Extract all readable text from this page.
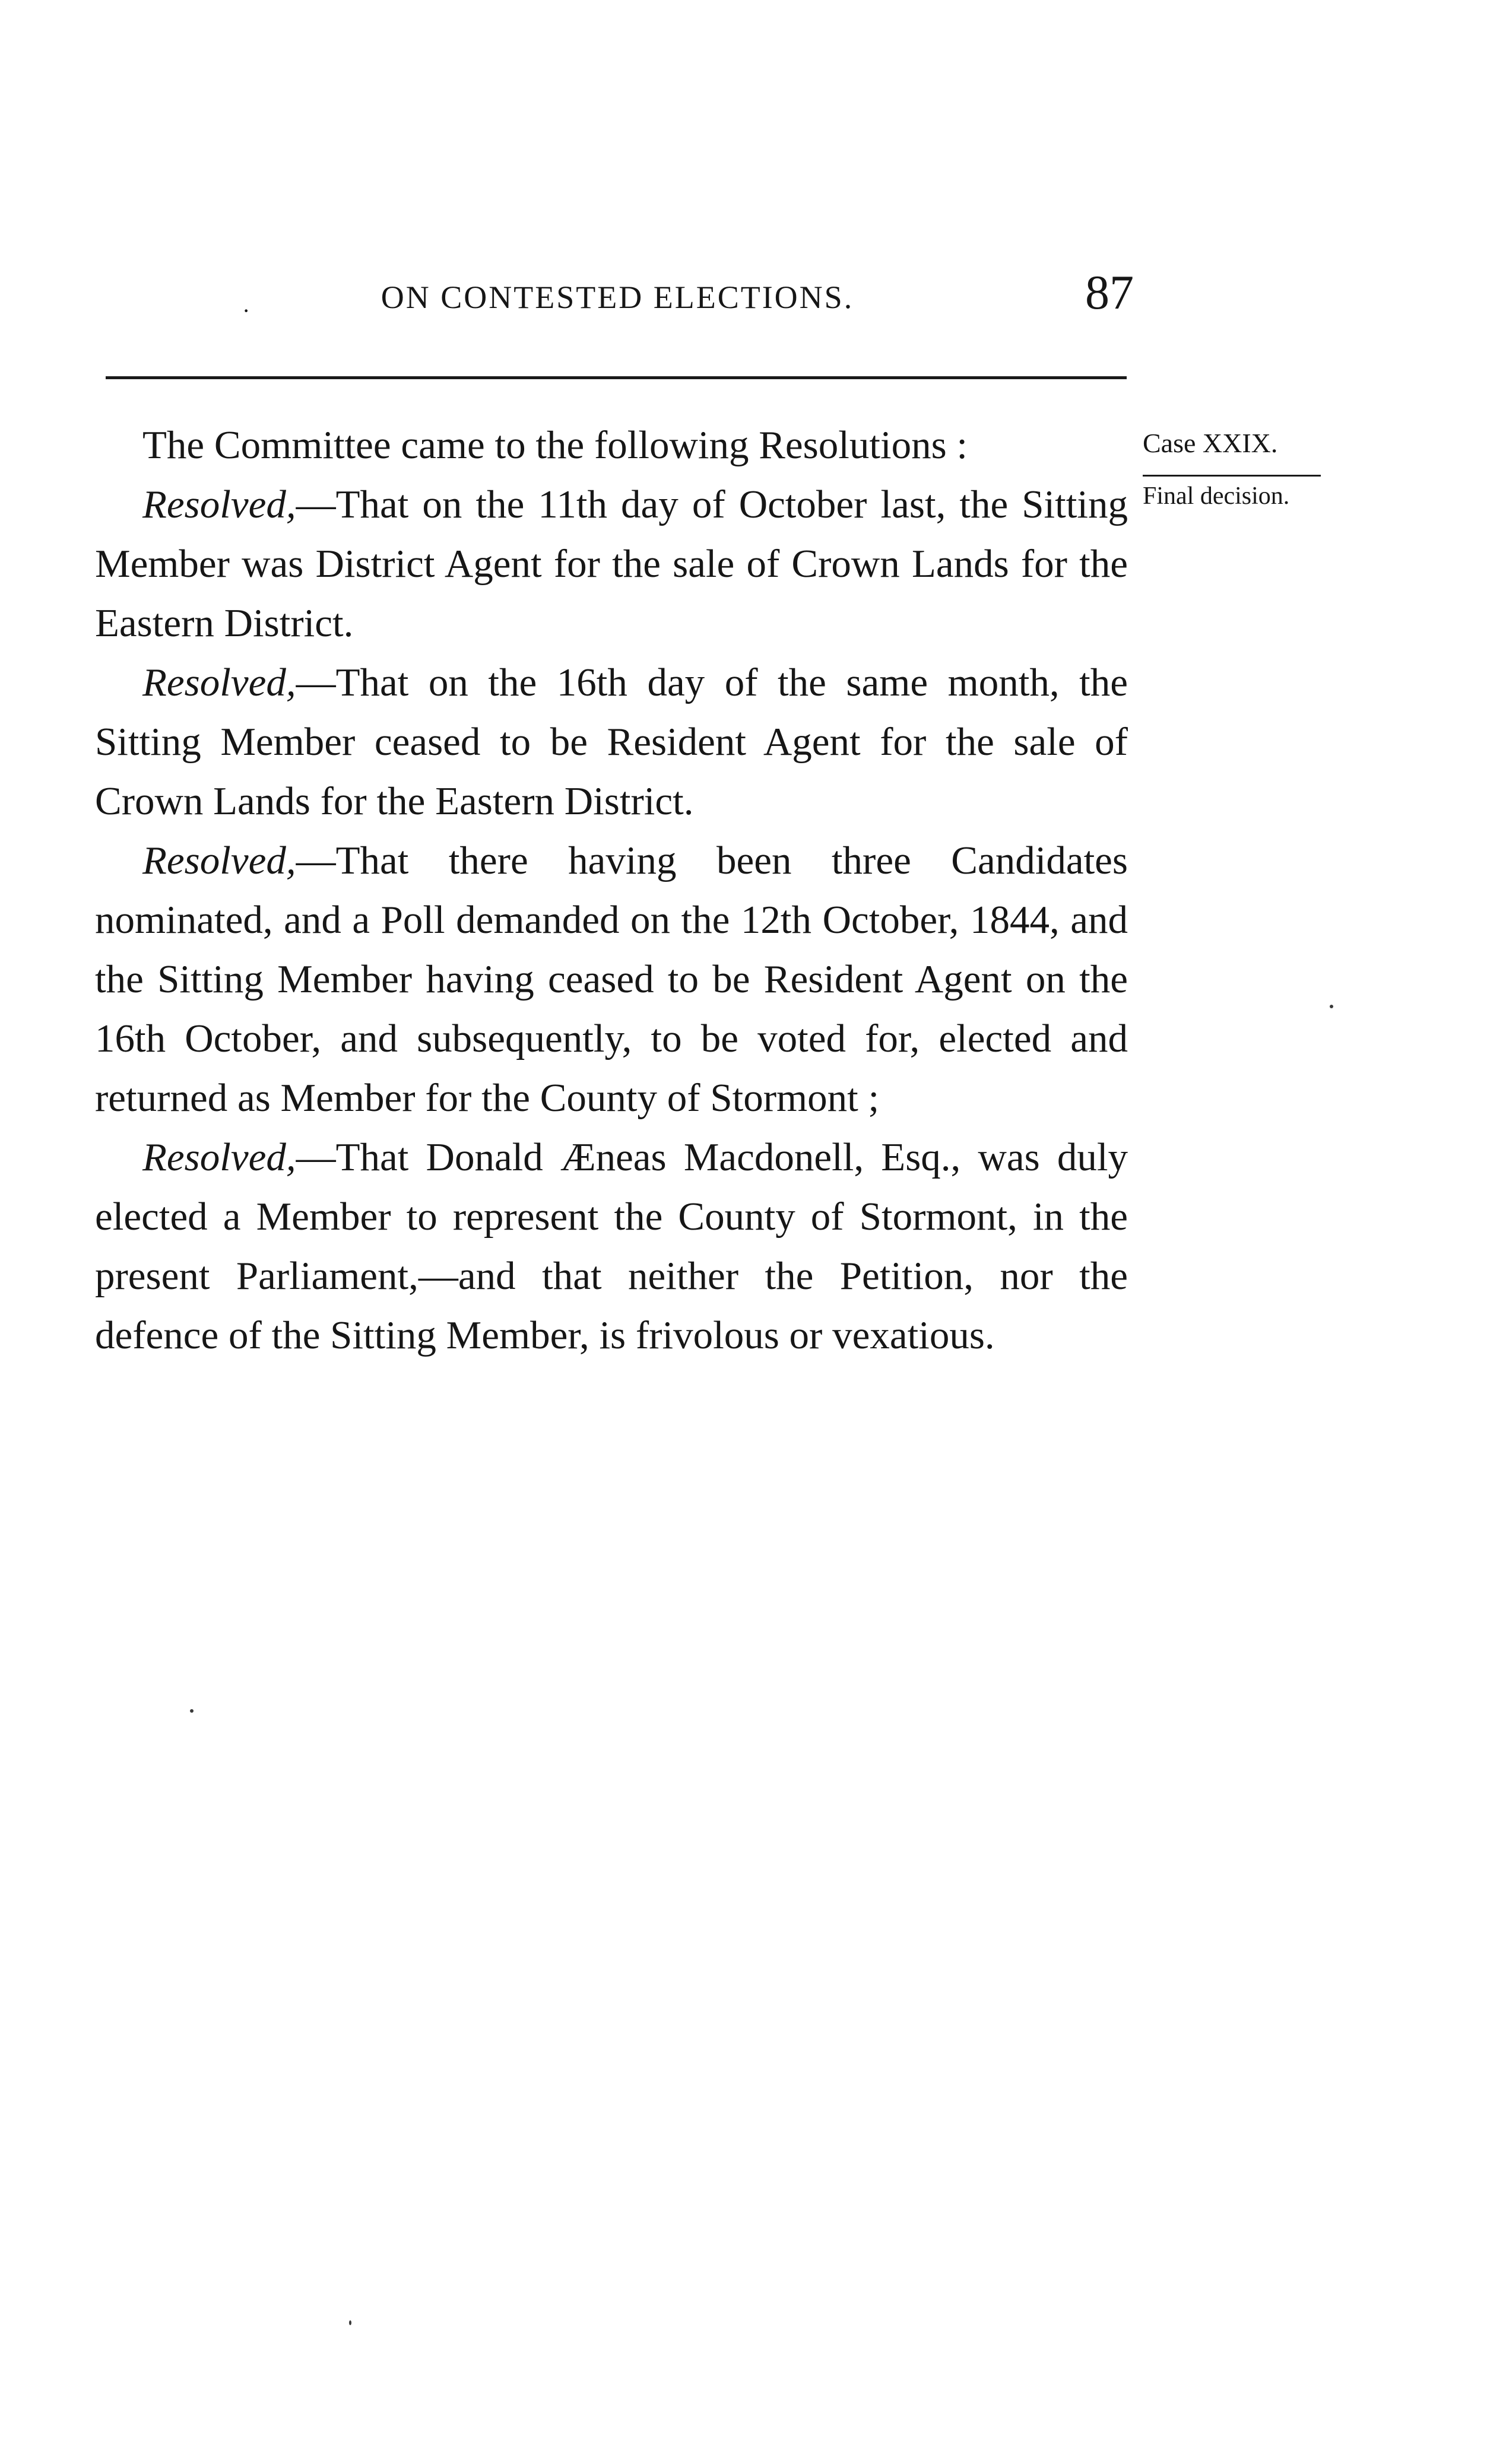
·	ON CONTESTED ELECTIONS.	87
Case XXIX.
Final decision.

The Committee came to the following Resolutions :

Resolved,—That on the 11th day of October last, the Sitting Member was District Agent for the sale of Crown Lands for the Eastern District.

Resolved,—That on the 16th day of the same month, the Sitting Member ceased to be Resident Agent for the sale of Crown Lands for the Eastern District.

Resolved,—That there having been three Candidates nominated, and a Poll demanded on the 12th October, 1844, and the Sitting Member having ceased to be Resident Agent on the 16th October, and subsequently, to be voted for, elected and returned as Member for the County of Stormont ;

Resolved,—That Donald Æneas Macdonell, Esq., was duly elected a Member to represent the County of Stormont, in the present Parliament,—and that neither the Petition, nor the defence of the Sitting Member, is frivolous or vexatious.
